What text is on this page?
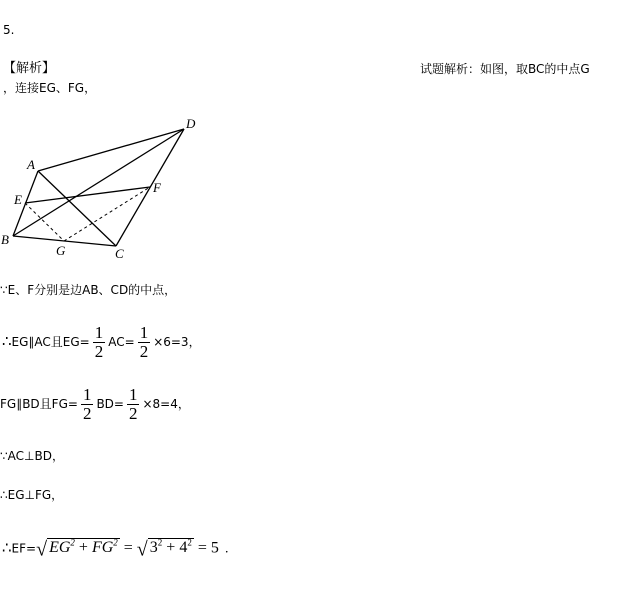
5.
【解析】	试题解析：如图，取BC的中点G
，连接EG、FG，
A
D
E
F
B
G	C
∵E、F分别是边AB、CD的中点，
∴EG∥AC且$EG= \frac{1}{2} AC= \frac{1}{2} \times 6=3$，
FG∥BD且$FG= \frac{1}{2} BD= \frac{1}{2} \times 8=4$，
∵AC⊥BD，
∴EG⊥FG，
∴EF=√ $EG^2 + FG^2$ = √ $3^2 + 4^2 = 5$ ．
